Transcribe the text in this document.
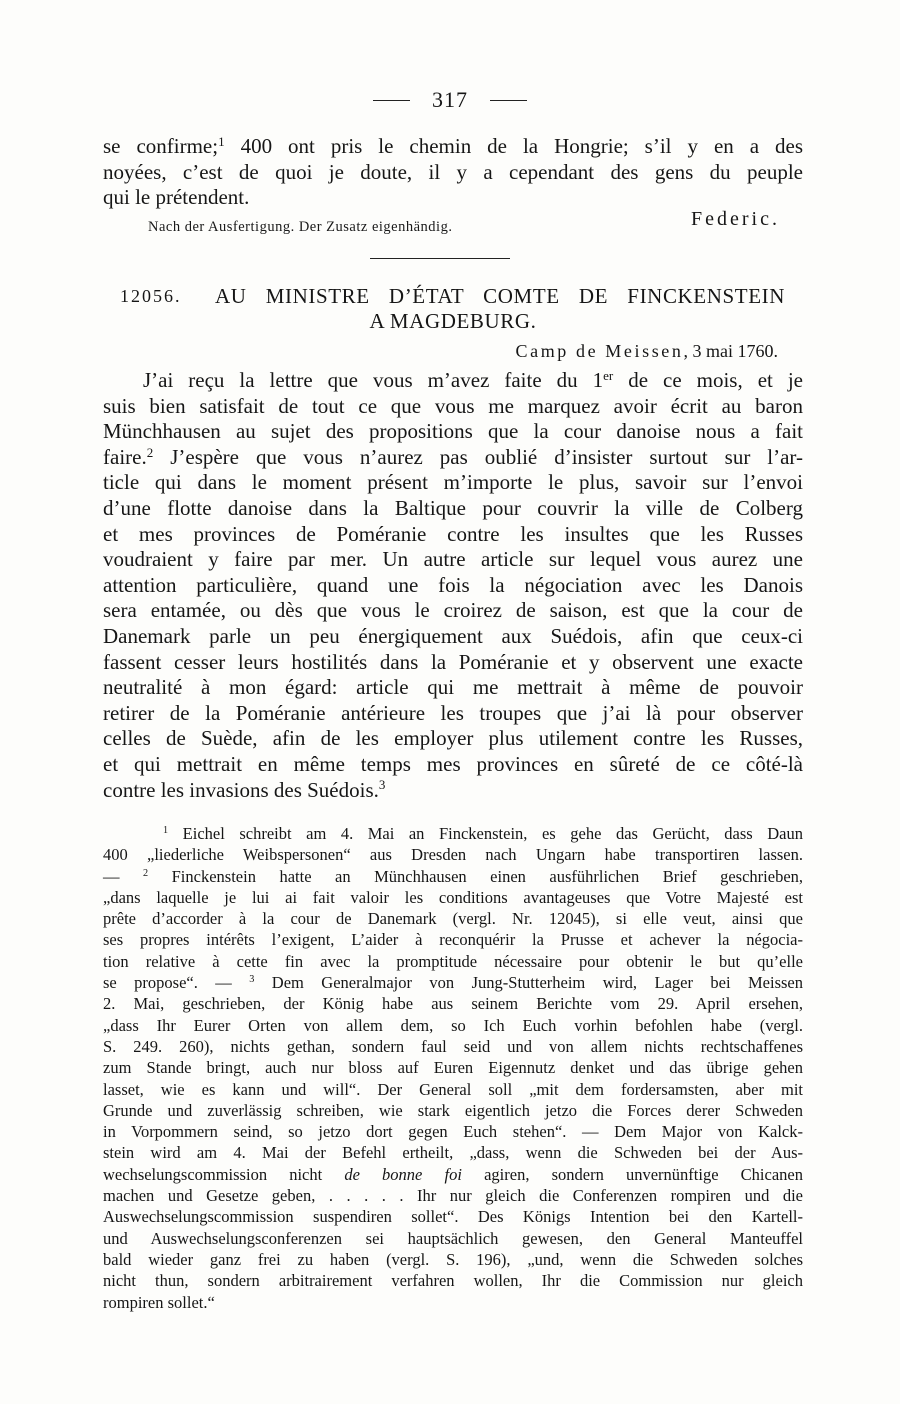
317
se confirme;$^1$ 400 ont pris le chemin de la Hongrie; s’il y en a des
noyées, c’est de quoi je doute, il y a cependant des gens du peuple
qui le prétendent.
Nach der Ausfertigung. Der Zusatz eigenhändig.	Federic.
12056. AU MINISTRE D’ÉTAT COMTE DE FINCKENSTEIN
A MAGDEBURG.
Camp de Meissen, 3 mai 1760.
J’ai reçu la lettre que vous m’avez faite du 1er de ce mois, et je
suis bien satisfait de tout ce que vous me marquez avoir écrit au baron
Münchhausen au sujet des propositions que la cour danoise nous a fait
faire.$^2$ J’espère que vous n’aurez pas oublié d’insister surtout sur l’ar-
ticle qui dans le moment présent m’importe le plus, savoir sur l’envoi
d’une flotte danoise dans la Baltique pour couvrir la ville de Colberg
et mes provinces de Poméranie contre les insultes que les Russes
voudraient y faire par mer. Un autre article sur lequel vous aurez une
attention particulière, quand une fois la négociation avec les Danois
sera entamée, ou dès que vous le croirez de saison, est que la cour de
Danemark parle un peu énergiquement aux Suédois, afin que ceux-ci
fassent cesser leurs hostilités dans la Poméranie et y observent une exacte
neutralité à mon égard: article qui me mettrait à même de pouvoir
retirer de la Poméranie antérieure les troupes que j’ai là pour observer
celles de Suède, afin de les employer plus utilement contre les Russes,
et qui mettrait en même temps mes provinces en sûreté de ce côté-là
contre les invasions des Suédois.$^3$
$^1$ Eichel schreibt am 4. Mai an Finckenstein, es gehe das Gerücht, dass Daun
400 „liederliche Weibspersonen“ aus Dresden nach Ungarn habe transportiren lassen.
— $^2$ Finckenstein hatte an Münchhausen einen ausführlichen Brief geschrieben,
„dans laquelle je lui ai fait valoir les conditions avantageuses que Votre Majesté est
prête d’accorder à la cour de Danemark (vergl. Nr. 12045), si elle veut, ainsi que
ses propres intérêts l’exigent, L’aider à reconquérir la Prusse et achever la négocia-
tion relative à cette fin avec la promptitude nécessaire pour obtenir le but qu’elle
se propose“. — $^3$ Dem Generalmajor von Jung-Stutterheim wird, Lager bei Meissen
2. Mai, geschrieben, der König habe aus seinem Berichte vom 29. April ersehen,
„dass Ihr Eurer Orten von allem dem, so Ich Euch vorhin befohlen habe (vergl.
S. 249. 260), nichts gethan, sondern faul seid und von allem nichts rechtschaffenes
zum Stande bringt, auch nur bloss auf Euren Eigennutz denket und das übrige gehen
lasset, wie es kann und will“. Der General soll „mit dem fordersamsten, aber mit
Grunde und zuverlässig schreiben, wie stark eigentlich jetzo die Forces derer Schweden
in Vorpommern seind, so jetzo dort gegen Euch stehen“. — Dem Major von Kalck-
stein wird am 4. Mai der Befehl ertheilt, „dass, wenn die Schweden bei der Aus-
wechselungscommission nicht de bonne foi agiren, sondern unvernünftige Chicanen
machen und Gesetze geben, . . . . . Ihr nur gleich die Conferenzen rompiren und die
Auswechselungscommission suspendiren sollet“. Des Königs Intention bei den Kartell-
und Auswechselungsconferenzen sei hauptsächlich gewesen, den General Manteuffel
bald wieder ganz frei zu haben (vergl. S. 196), „und, wenn die Schweden solches
nicht thun, sondern arbitrairement verfahren wollen, Ihr die Commission nur gleich
rompiren sollet.“
